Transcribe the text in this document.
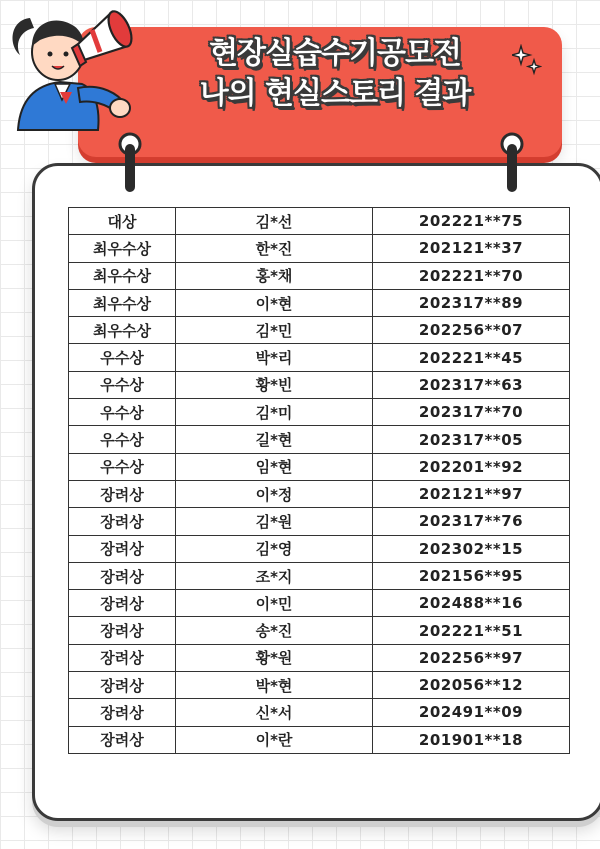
현장실습수기공모전
나의 현실스토리 결과
대상	김*선	202221**75
최우수상	한*진	202121**37
최우수상	홍*채	202221**70
최우수상	이*현	202317**89
최우수상	김*민	202256**07
우수상	박*리	202221**45
우수상	황*빈	202317**63
우수상	김*미	202317**70
우수상	길*현	202317**05
우수상	임*현	202201**92
장려상	이*정	202121**97
장려상	김*원	202317**76
장려상	김*영	202302**15
장려상	조*지	202156**95
장려상	이*민	202488**16
장려상	송*진	202221**51
장려상	황*원	202256**97
장려상	박*현	202056**12
장려상	신*서	202491**09
장려상	이*란	201901**18
